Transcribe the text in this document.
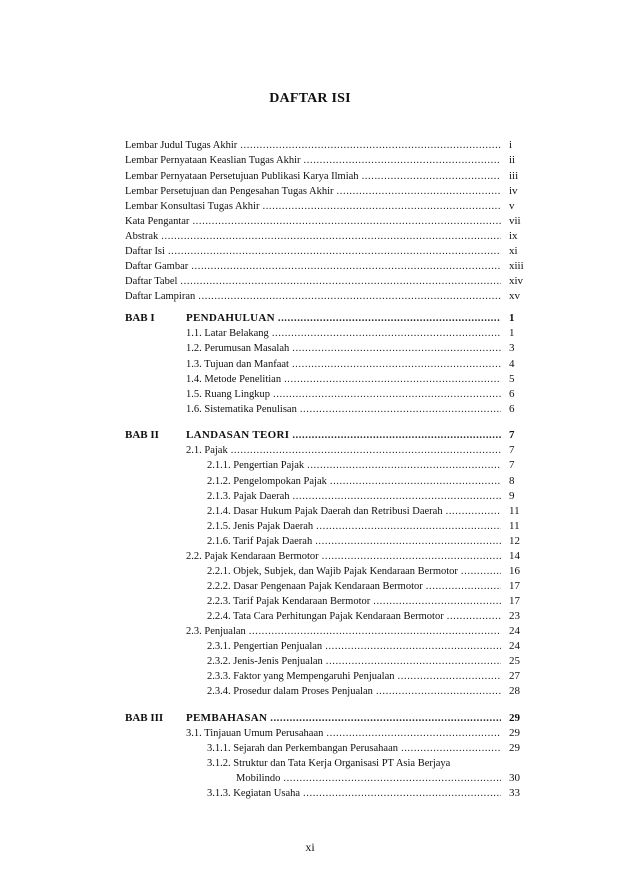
DAFTAR ISI
Lembar Judul Tugas Akhir .....	i
Lembar Pernyataan Keaslian Tugas Akhir .....	ii
Lembar Pernyataan Persetujuan Publikasi Karya Ilmiah .....	iii
Lembar Persetujuan dan Pengesahan Tugas Akhir .....	iv
Lembar Konsultasi Tugas Akhir .....	v
Kata Pengantar .....	vii
Abstrak .....	ix
Daftar Isi .....	xi
Daftar Gambar .....	xiii
Daftar Tabel .....	xiv
Daftar Lampiran .....	xv
BAB I	PENDAHULUAN .....	1
1.1. Latar Belakang .....	1
1.2. Perumusan Masalah .....	3
1.3. Tujuan dan Manfaat .....	4
1.4. Metode Penelitian .....	5
1.5. Ruang Lingkup .....	6
1.6. Sistematika Penulisan .....	6
BAB II LANDASAN TEORI .....	7
2.1. Pajak .....	7
2.1.1. Pengertian Pajak .....	7
2.1.2. Pengelompokan Pajak .....	8
2.1.3. Pajak Daerah .....	9
2.1.4. Dasar Hukum Pajak Daerah dan Retribusi Daerah .....	11
2.1.5. Jenis Pajak Daerah .....	11
2.1.6. Tarif Pajak Daerah .....	12
2.2. Pajak Kendaraan Bermotor .....	14
2.2.1. Objek, Subjek, dan Wajib Pajak Kendaraan Bermotor .....	16
2.2.2. Dasar Pengenaan Pajak Kendaraan Bermotor .....	17
2.2.3. Tarif Pajak Kendaraan Bermotor .....	17
2.2.4. Tata Cara Perhitungan Pajak Kendaraan Bermotor .....	23
2.3. Penjualan .....	24
2.3.1. Pengertian Penjualan .....	24
2.3.2. Jenis-Jenis Penjualan .....	25
2.3.3. Faktor yang Mempengaruhi Penjualan .....	27
2.3.4. Prosedur dalam Proses Penjualan .....	28
BAB III PEMBAHASAN .....	29
3.1. Tinjauan Umum Perusahaan .....	29
3.1.1. Sejarah dan Perkembangan Perusahaan .....	29
3.1.2. Struktur dan Tata Kerja Organisasi PT Asia Berjaya
Mobilindo .....	30
3.1.3. Kegiatan Usaha .....	33
xi
